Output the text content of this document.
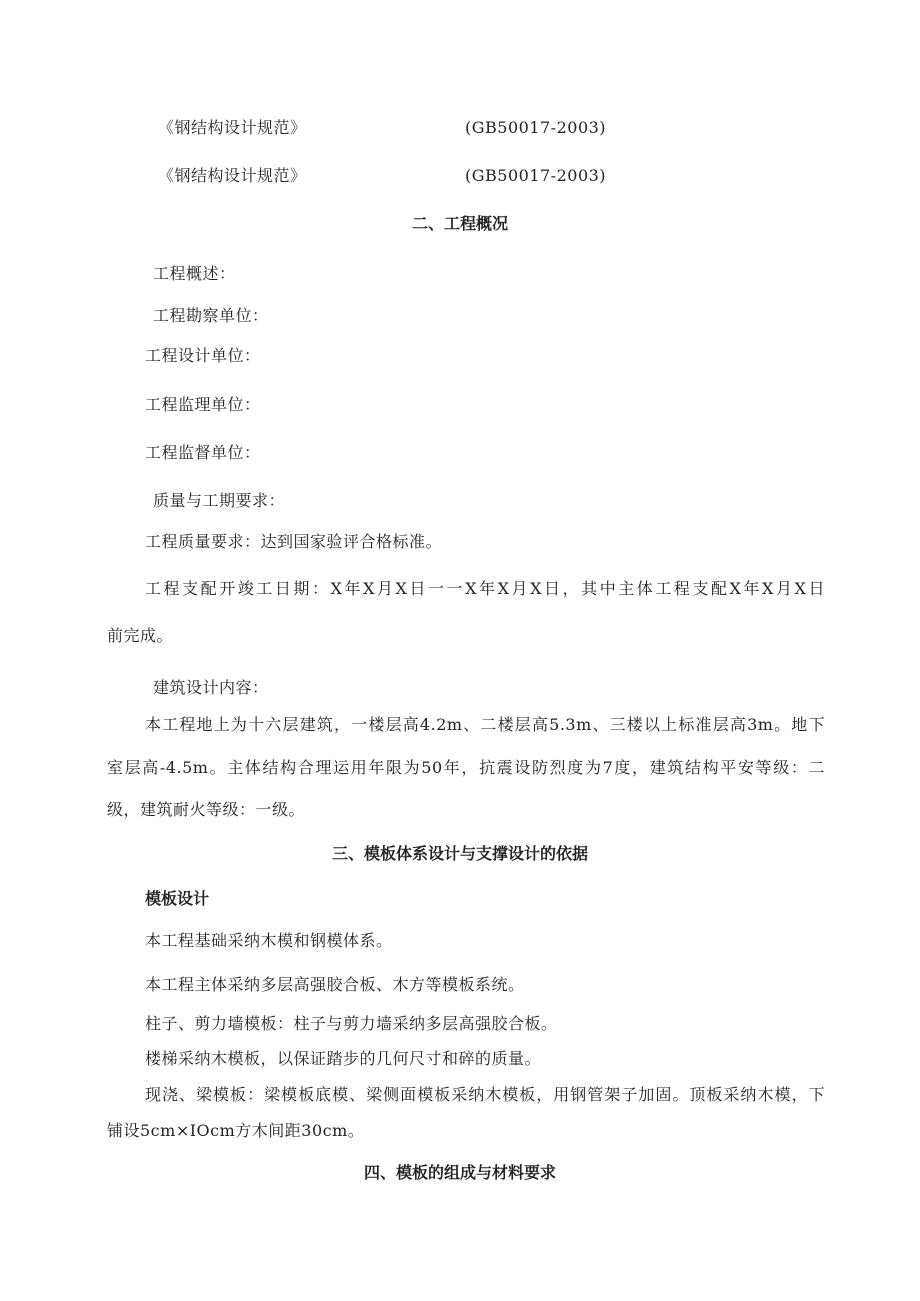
《钢结构设计规范》	(GB50017-2003)
《钢结构设计规范》	(GB50017-2003)
二、工程概况
工程概述：
工程勘察单位：
工程设计单位：
工程监理单位：
工程监督单位：
质量与工期要求：
工程质量要求：达到国家验评合格标准。
工程支配开竣工日期：X年X月X日一一X年X月X日，其中主体工程支配X年X月X日
前完成。
建筑设计内容：
本工程地上为十六层建筑，一楼层高4.2m、二楼层高5.3m、三楼以上标准层高3m。地下
室层高-4.5m。主体结构合理运用年限为50年，抗震设防烈度为7度，建筑结构平安等级：二
级，建筑耐火等级：一级。
三、模板体系设计与支撑设计的依据
模板设计
本工程基础采纳木模和钢模体系。
本工程主体采纳多层高强胶合板、木方等模板系统。
柱子、剪力墙模板：柱子与剪力墙采纳多层高强胶合板。
楼梯采纳木模板，以保证踏步的几何尺寸和碎的质量。
现浇、梁模板：梁模板底模、梁侧面模板采纳木模板，用钢管架子加固。顶板采纳木模，下
铺设5cm×IOcm方木间距30cm。
四、模板的组成与材料要求
